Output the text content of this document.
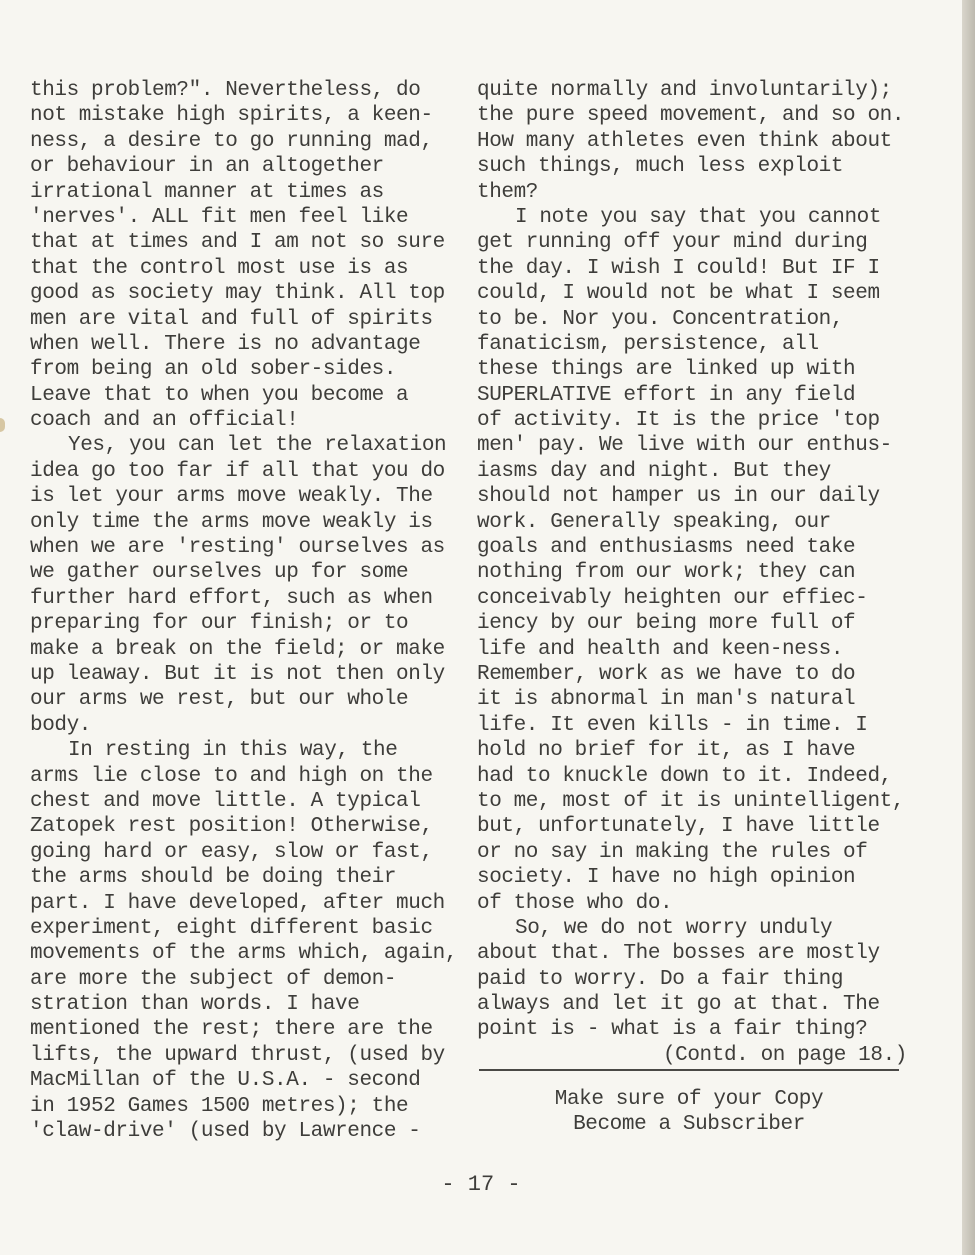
this problem?". Nevertheless, do
not mistake high spirits, a keen-
ness, a desire to go running mad,
or behaviour in an altogether
irrational manner at times as
'nerves'. ALL fit men feel like
that at times and I am not so sure
that the control most use is as
good as society may think. All top
men are vital and full of spirits
when well. There is no advantage
from being an old sober-sides.
Leave that to when you become a
coach and an official!
Yes, you can let the relaxation
idea go too far if all that you do
is let your arms move weakly. The
only time the arms move weakly is
when we are 'resting' ourselves as
we gather ourselves up for some
further hard effort, such as when
preparing for our finish; or to
make a break on the field; or make
up leaway. But it is not then only
our arms we rest, but our whole
body.
In resting in this way, the
arms lie close to and high on the
chest and move little. A typical
Zatopek rest position! Otherwise,
going hard or easy, slow or fast,
the arms should be doing their
part. I have developed, after much
experiment, eight different basic
movements of the arms which, again,
are more the subject of demon-
stration than words. I have
mentioned the rest; there are the
lifts, the upward thrust, (used by
MacMillan of the U.S.A. - second
in 1952 Games 1500 metres); the
'claw-drive' (used by Lawrence -
quite normally and involuntarily);
the pure speed movement, and so on.
How many athletes even think about
such things, much less exploit
them?
I note you say that you cannot
get running off your mind during
the day. I wish I could! But IF I
could, I would not be what I seem
to be. Nor you. Concentration,
fanaticism, persistence, all
these things are linked up with
SUPERLATIVE effort in any field
of activity. It is the price 'top
men' pay. We live with our enthus-
iasms day and night. But they
should not hamper us in our daily
work. Generally speaking, our
goals and enthusiasms need take
nothing from our work; they can
conceivably heighten our effiec-
iency by our being more full of
life and health and keen-ness.
Remember, work as we have to do
it is abnormal in man's natural
life. It even kills - in time. I
hold no brief for it, as I have
had to knuckle down to it. Indeed,
to me, most of it is unintelligent,
but, unfortunately, I have little
or no say in making the rules of
society. I have no high opinion
of those who do.
So, we do not worry unduly
about that. The bosses are mostly
paid to worry. Do a fair thing
always and let it go at that. The
point is - what is a fair thing?
(Contd. on page 18.)
Make sure of your Copy
Become a Subscriber
- 17 -
